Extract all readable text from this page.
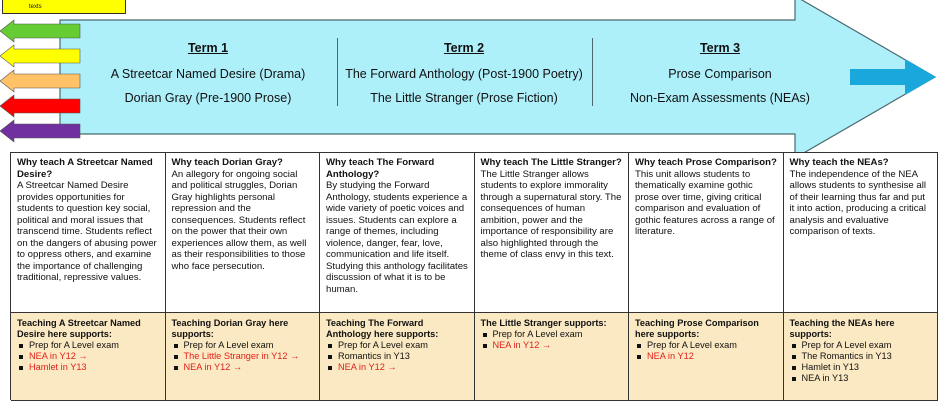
texts
Term 1
A Streetcar Named Desire (Drama)
Dorian Gray (Pre-1900 Prose)
Term 2
The Forward Anthology (Post-1900 Poetry)
The Little Stranger (Prose Fiction)
Term 3
Prose Comparison
Non-Exam Assessments (NEAs)
Why teach A Streetcar Named Desire?
A Streetcar Named Desire provides opportunities for students to question key social, political and moral issues that transcend time. Students reflect on the dangers of abusing power to oppress others, and examine the importance of challenging traditional, repressive values.
Why teach Dorian Gray?
An allegory for ongoing social and political struggles, Dorian Gray highlights personal repression and the consequences. Students reflect on the power that their own experiences allow them, as well as their responsibilities to those who face persecution.
Why teach The Forward Anthology?
By studying the Forward Anthology, students experience a wide variety of poetic voices and issues. Students can explore a range of themes, including violence, danger, fear, love, communication and life itself. Studying this anthology facilitates discussion of what it is to be human.
Why teach The Little Stranger?
The Little Stranger allows students to explore immorality through a supernatural story. The consequences of human ambition, power and the importance of responsibility are also highlighted through the theme of class envy in this text.
Why teach Prose Comparison?
This unit allows students to thematically examine gothic prose over time, giving critical comparison and evaluation of gothic features across a range of literature.
Why teach the NEAs?
The independence of the NEA allows students to synthesise all of their learning thus far and put it into action, producing a critical analysis and evaluative comparison of texts.
Teaching A Streetcar Named Desire here supports:
Prep for A Level exam
NEA in Y12 →
Hamlet in Y13
Teaching Dorian Gray here supports:
Prep for A Level exam
The Little Stranger in Y12 →
NEA in Y12 →
Teaching The Forward Anthology here supports:
Prep for A Level exam
Romantics in Y13
NEA in Y12 →
The Little Stranger supports:
Prep for A Level exam
NEA in Y12 →
Teaching Prose Comparison here supports:
Prep for A Level exam
NEA in Y12
Teaching the NEAs here supports:
Prep for A Level exam
The Romantics in Y13
Hamlet in Y13
NEA in Y13
